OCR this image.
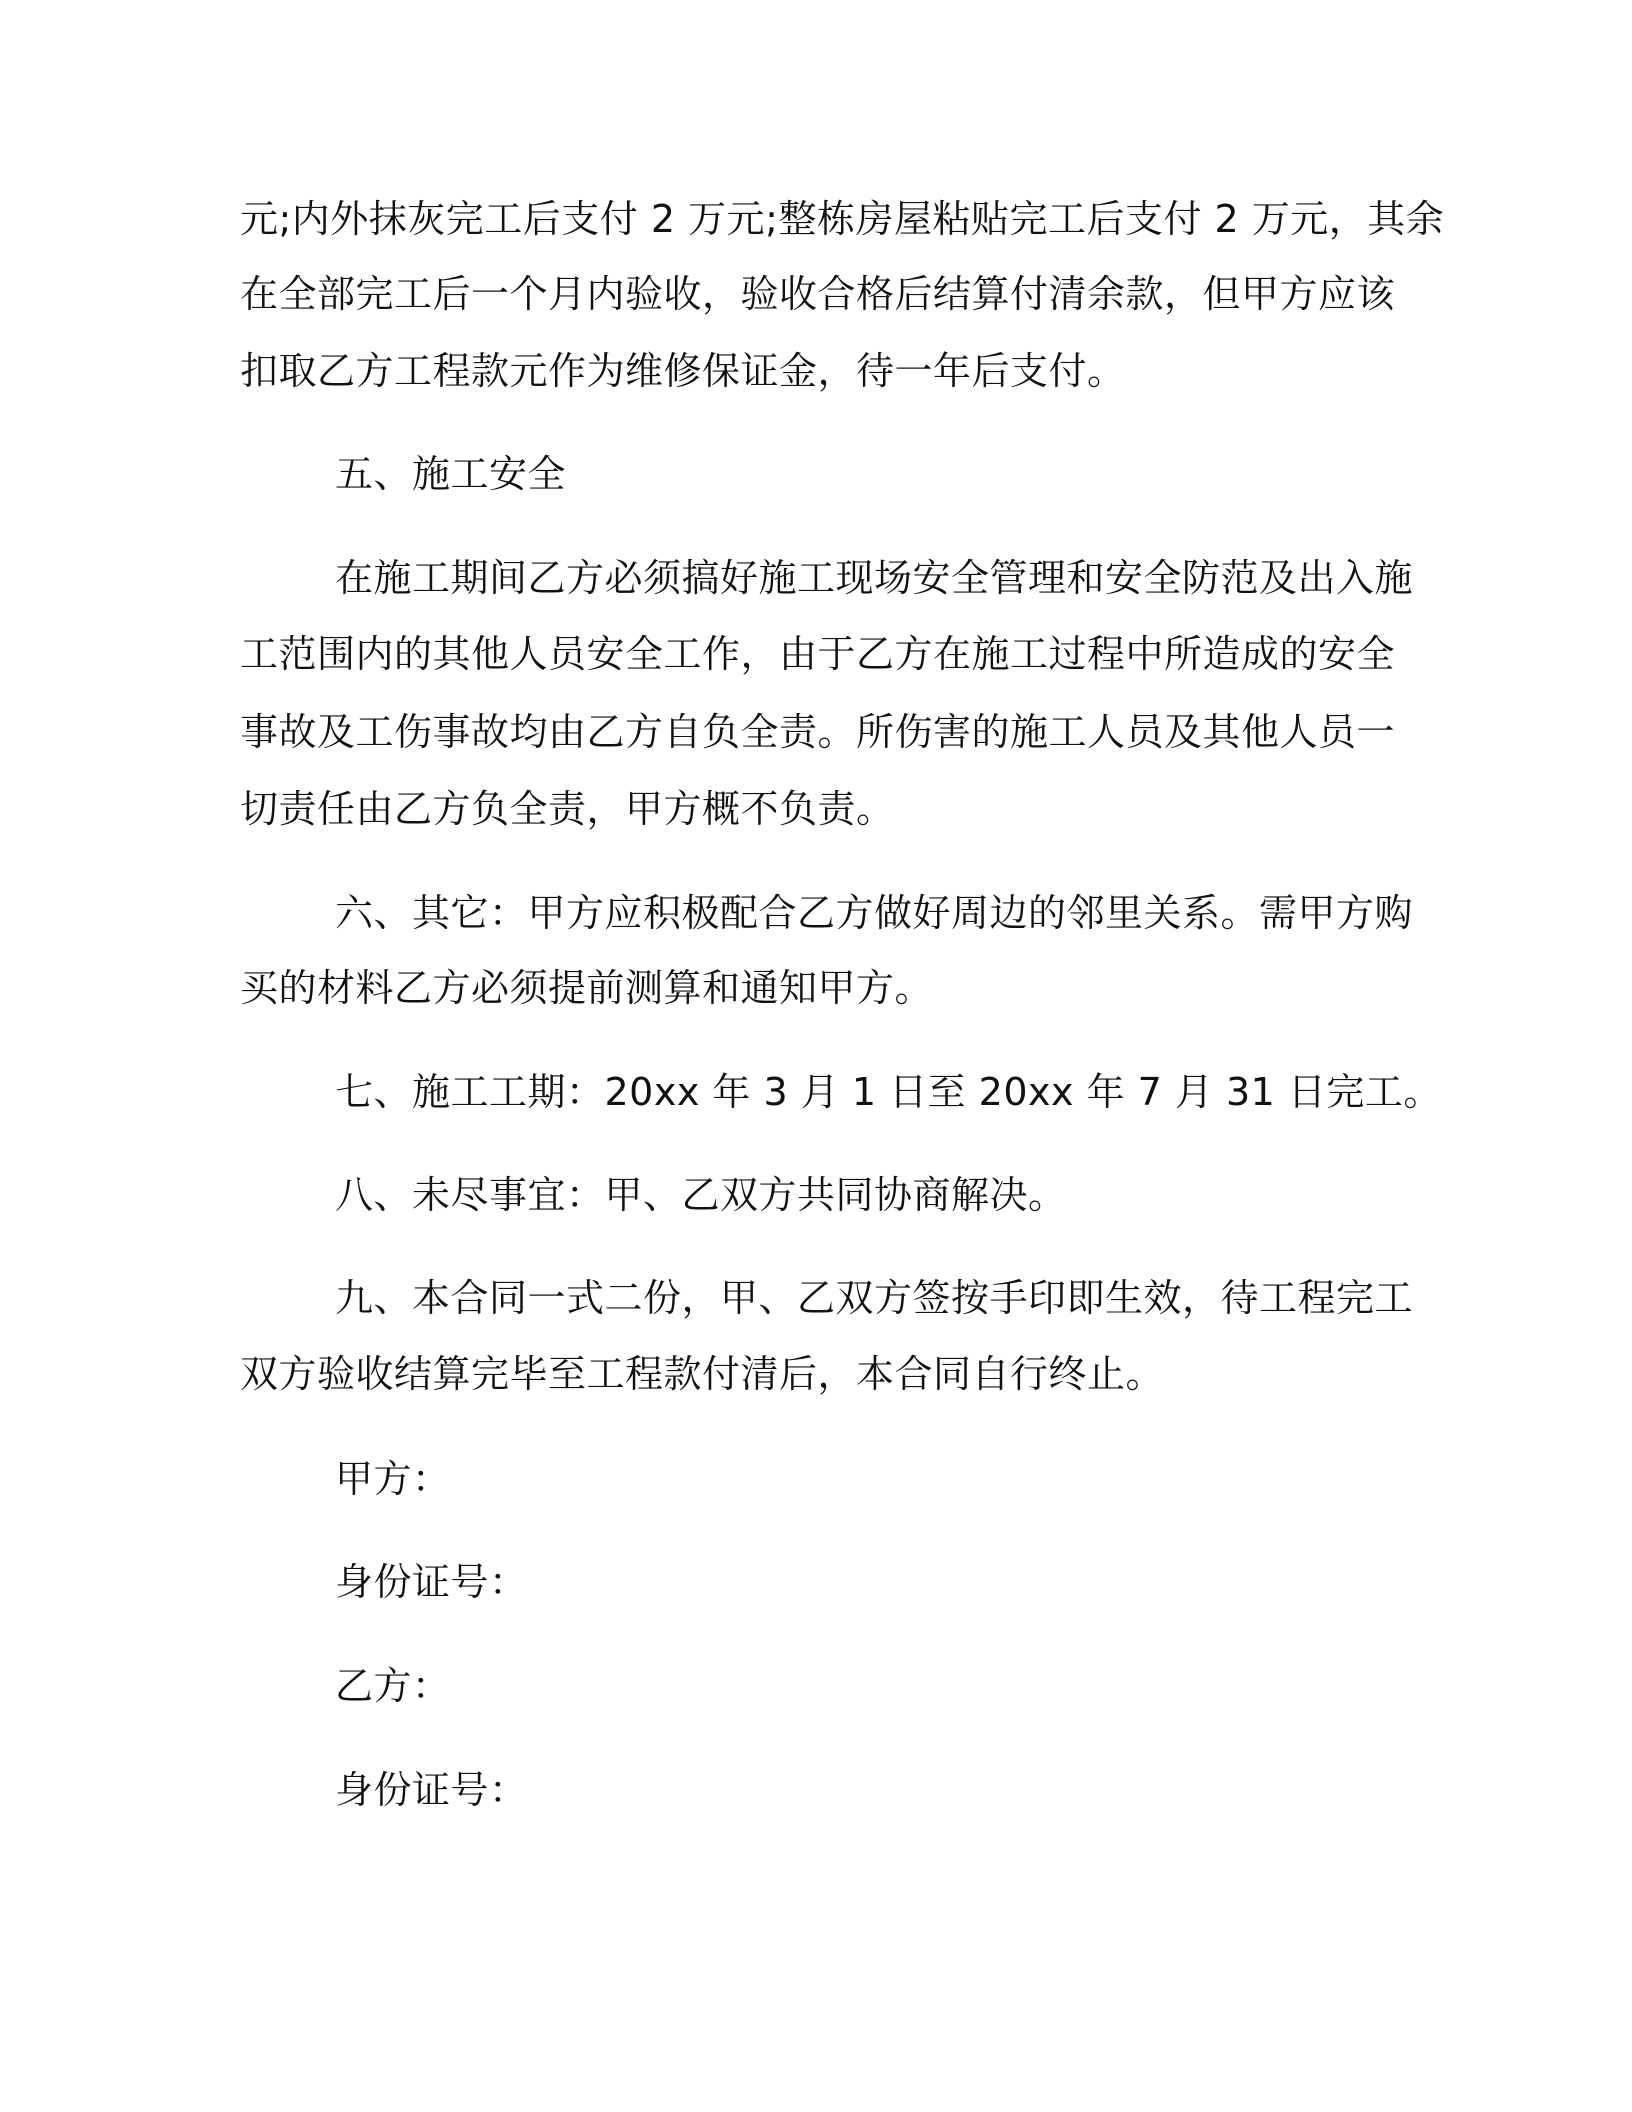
元;内外抹灰完工后支付 2 万元;整栋房屋粘贴完工后支付 2 万元，其余
在全部完工后一个月内验收，验收合格后结算付清余款，但甲方应该
扣取乙方工程款元作为维修保证金，待一年后支付。
五、施工安全
在施工期间乙方必须搞好施工现场安全管理和安全防范及出入施
工范围内的其他人员安全工作，由于乙方在施工过程中所造成的安全
事故及工伤事故均由乙方自负全责。所伤害的施工人员及其他人员一
切责任由乙方负全责，甲方概不负责。
六、其它：甲方应积极配合乙方做好周边的邻里关系。需甲方购
买的材料乙方必须提前测算和通知甲方。
七、施工工期：20xx 年 3 月 1 日至 20xx 年 7 月 31 日完工。
八、未尽事宜：甲、乙双方共同协商解决。
九、本合同一式二份，甲、乙双方签按手印即生效，待工程完工
双方验收结算完毕至工程款付清后，本合同自行终止。
甲方：
身份证号：
乙方：
身份证号：
